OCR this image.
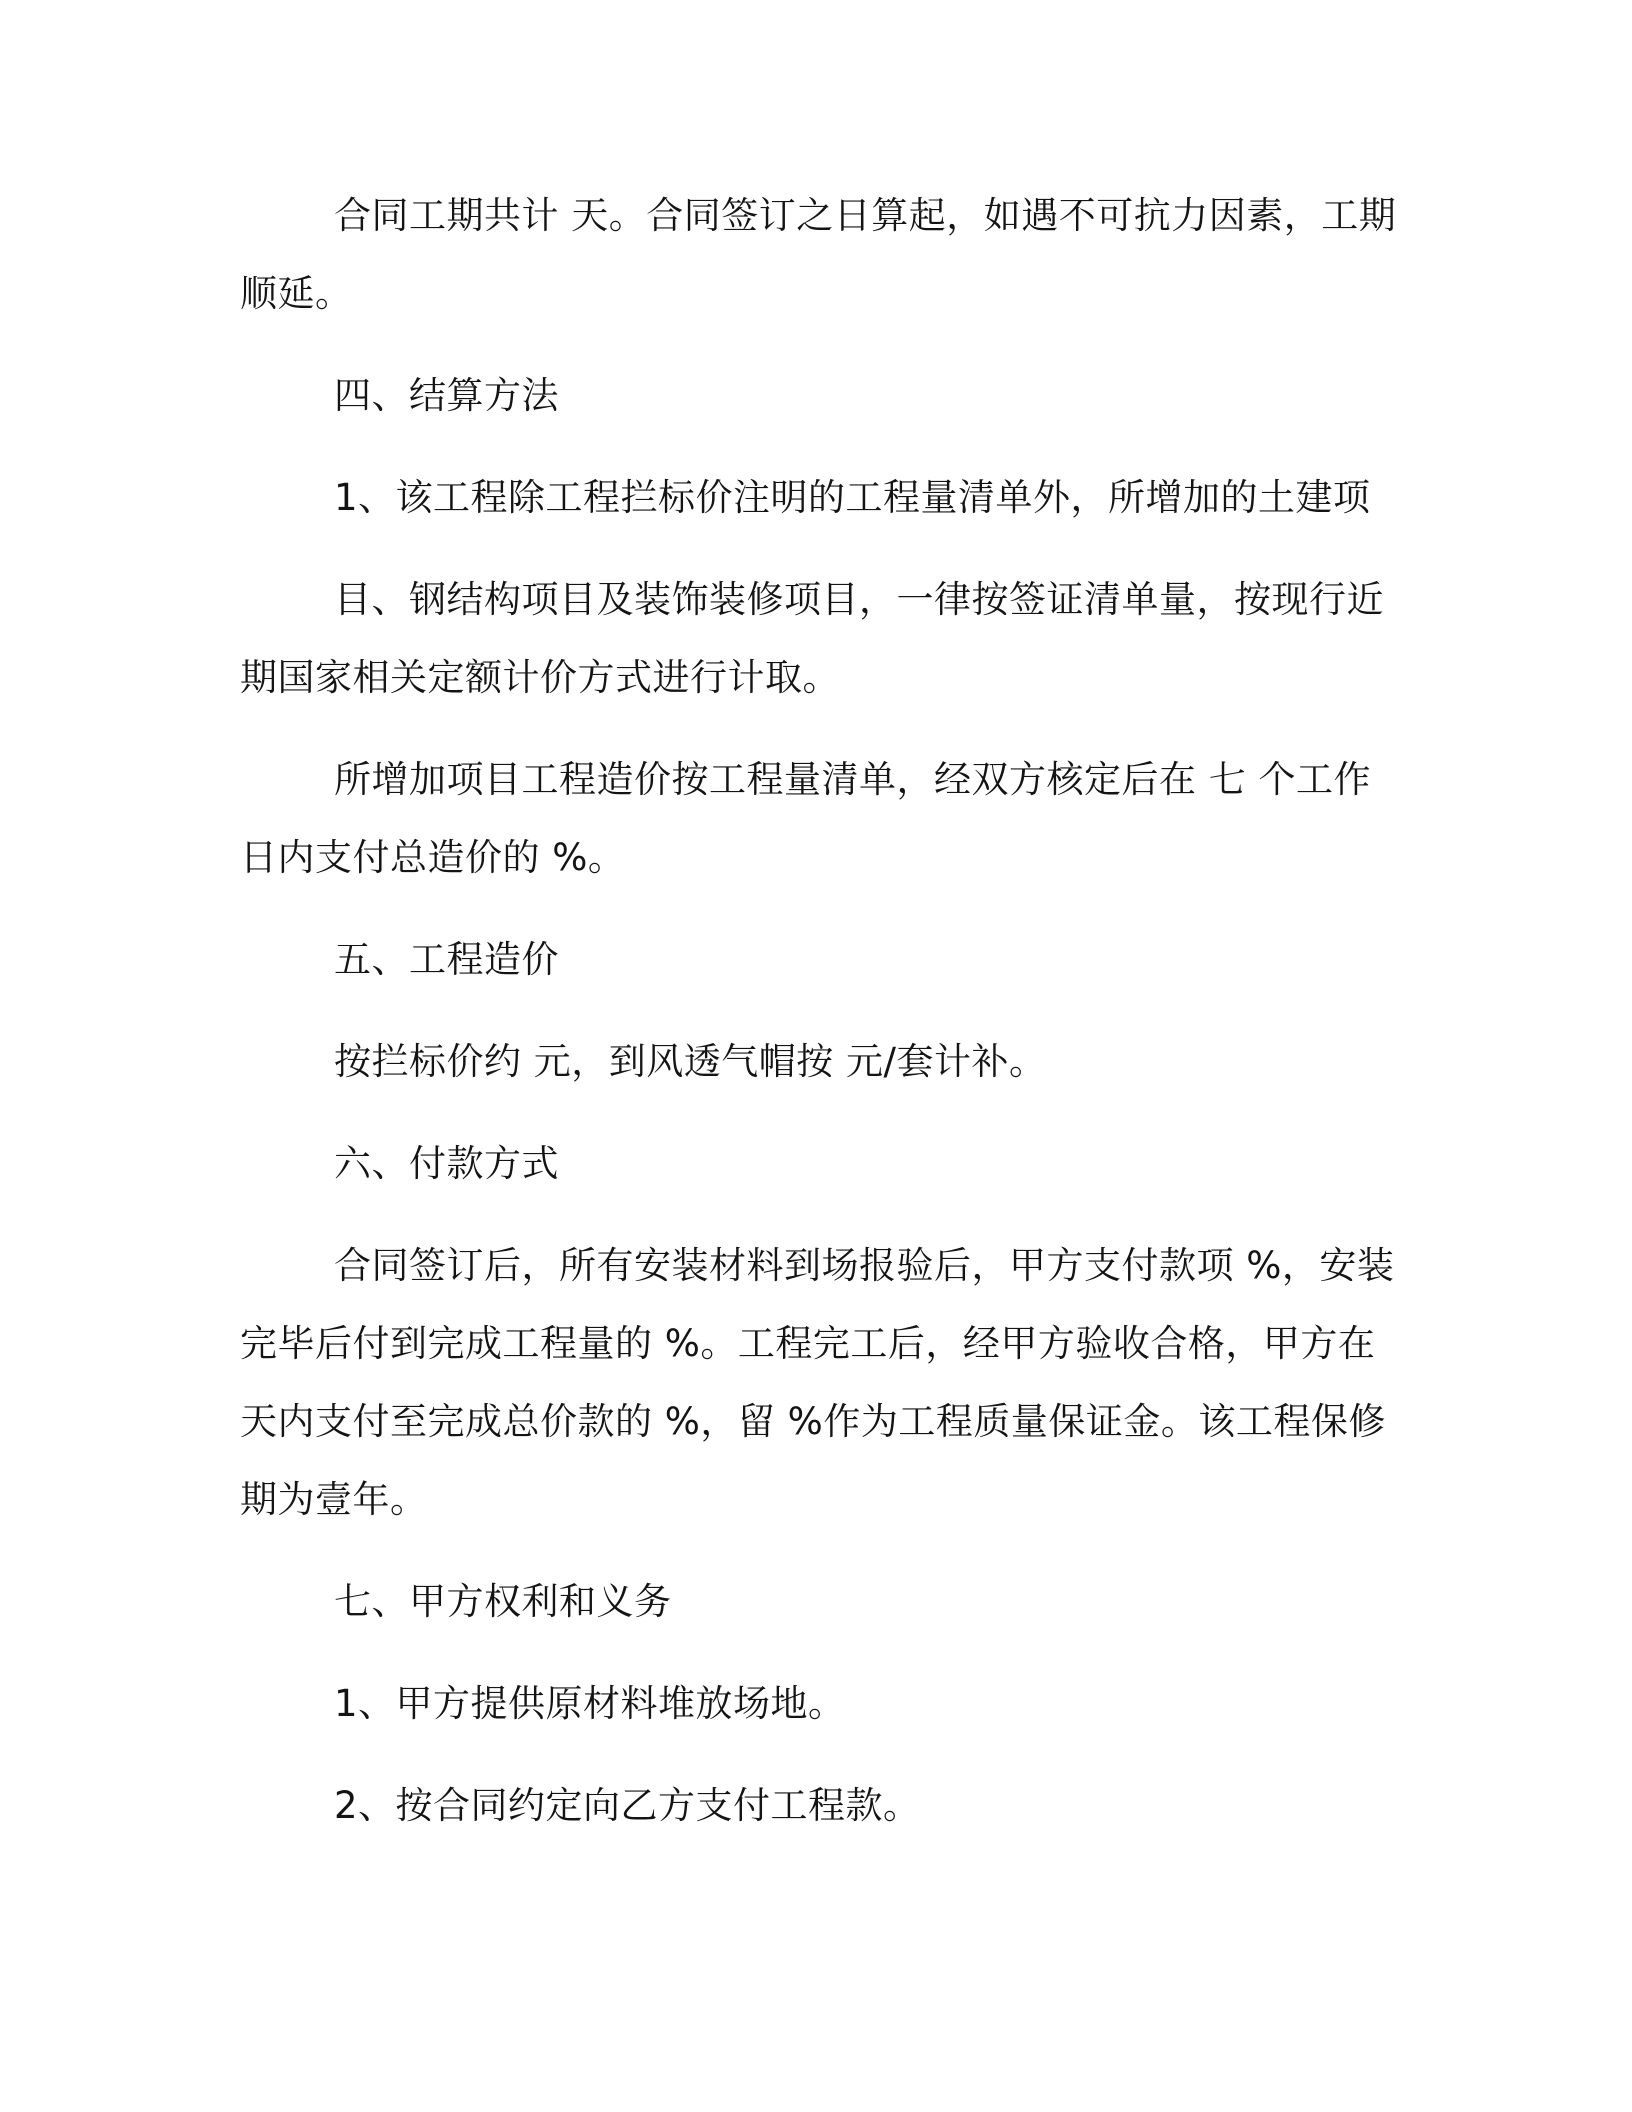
合同工期共计 天。合同签订之日算起，如遇不可抗力因素，工期
顺延。
四、结算方法
1、该工程除工程拦标价注明的工程量清单外，所增加的土建项
目、钢结构项目及装饰装修项目，一律按签证清单量，按现行近
期国家相关定额计价方式进行计取。
所增加项目工程造价按工程量清单，经双方核定后在 七 个工作
日内支付总造价的 %。
五、工程造价
按拦标价约 元，到风透气帽按 元/套计补。
六、付款方式
合同签订后，所有安装材料到场报验后，甲方支付款项 %，安装
完毕后付到完成工程量的 %。工程完工后，经甲方验收合格，甲方在
天内支付至完成总价款的 %，留 %作为工程质量保证金。该工程保修
期为壹年。
七、甲方权利和义务
1、甲方提供原材料堆放场地。
2、按合同约定向乙方支付工程款。
